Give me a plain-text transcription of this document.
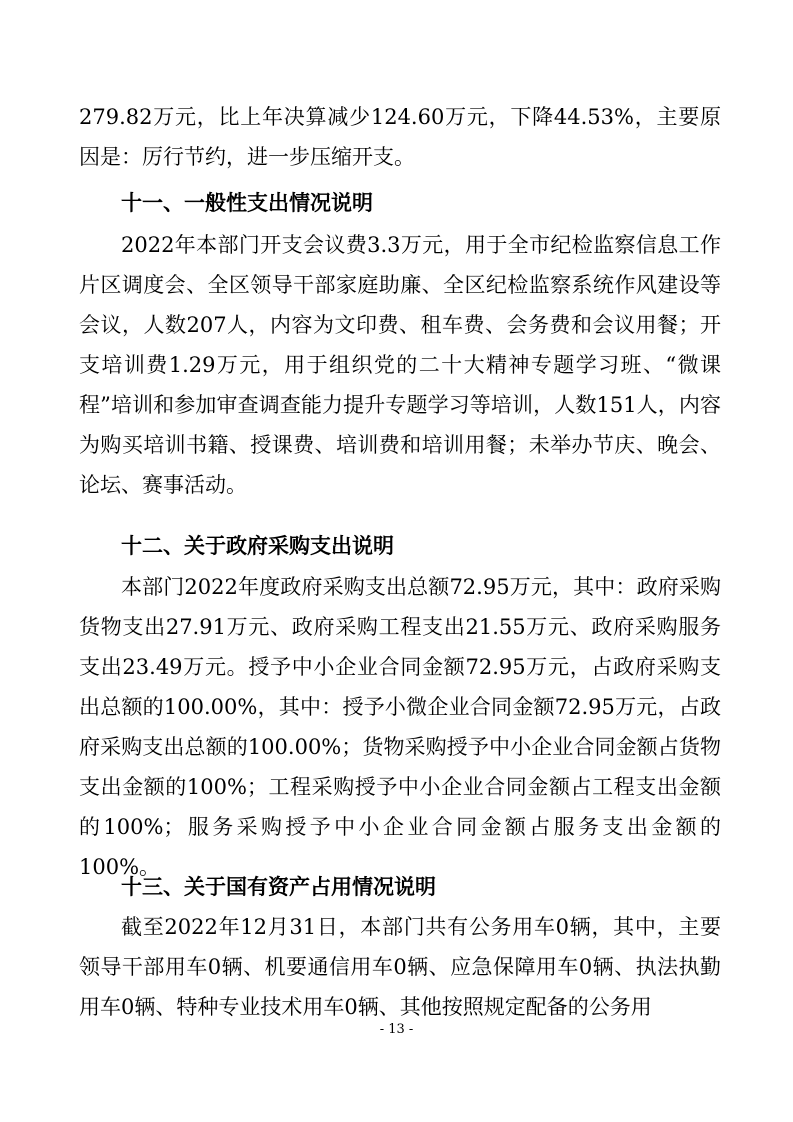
279.82万元，比上年决算减少124.60万元，下降44.53%，主要原因是：厉行节约，进一步压缩开支。

十一、一般性支出情况说明

2022年本部门开支会议费3.3万元，用于全市纪检监察信息工作片区调度会、全区领导干部家庭助廉、全区纪检监察系统作风建设等会议，人数207人，内容为文印费、租车费、会务费和会议用餐；开支培训费1.29万元，用于组织党的二十大精神专题学习班、“微课程”培训和参加审查调查能力提升专题学习等培训，人数151人，内容为购买培训书籍、授课费、培训费和培训用餐；未举办节庆、晚会、论坛、赛事活动。

十二、关于政府采购支出说明

本部门2022年度政府采购支出总额72.95万元，其中：政府采购货物支出27.91万元、政府采购工程支出21.55万元、政府采购服务支出23.49万元。授予中小企业合同金额72.95万元，占政府采购支出总额的100.00%，其中：授予小微企业合同金额72.95万元，占政府采购支出总额的100.00%；货物采购授予中小企业合同金额占货物支出金额的100%；工程采购授予中小企业合同金额占工程支出金额的100%；服务采购授予中小企业合同金额占服务支出金额的100%。

十三、关于国有资产占用情况说明

截至2022年12月31日，本部门共有公务用车0辆，其中，主要领导干部用车0辆、机要通信用车0辆、应急保障用车0辆、执法执勤用车0辆、特种专业技术用车0辆、其他按照规定配备的公务用

- 13 -
